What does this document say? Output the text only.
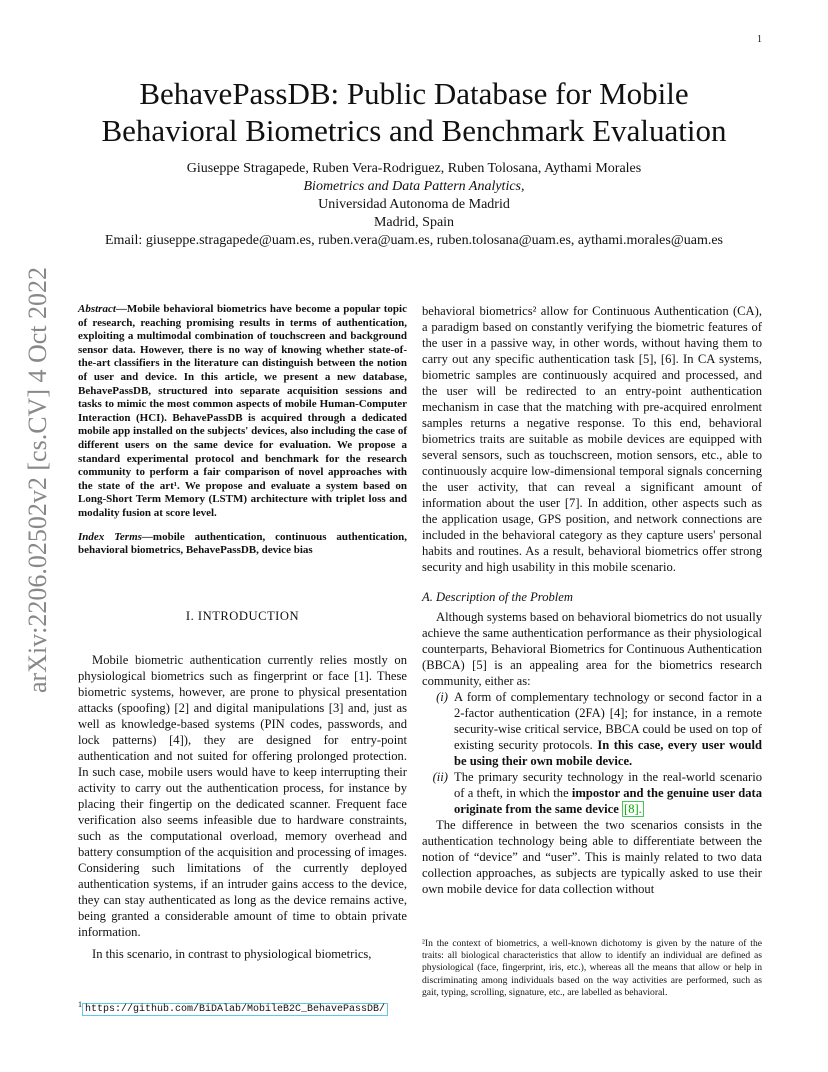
1
arXiv:2206.02502v2 [cs.CV] 4 Oct 2022
BehavePassDB: Public Database for Mobile
Behavioral Biometrics and Benchmark Evaluation
Giuseppe Stragapede, Ruben Vera-Rodriguez, Ruben Tolosana, Aythami Morales
Biometrics and Data Pattern Analytics,
Universidad Autonoma de Madrid
Madrid, Spain
Email: giuseppe.stragapede@uam.es, ruben.vera@uam.es, ruben.tolosana@uam.es, aythami.morales@uam.es
Abstract—Mobile behavioral biometrics have become a popular topic of research, reaching promising results in terms of authentication, exploiting a multimodal combination of touchscreen and background sensor data. However, there is no way of knowing whether state-of-the-art classifiers in the literature can distinguish between the notion of user and device. In this article, we present a new database, BehavePassDB, structured into separate acquisition sessions and tasks to mimic the most common aspects of mobile Human-Computer Interaction (HCI). BehavePassDB is acquired through a dedicated mobile app installed on the subjects' devices, also including the case of different users on the same device for evaluation. We propose a standard experimental protocol and benchmark for the research community to perform a fair comparison of novel approaches with the state of the art¹. We propose and evaluate a system based on Long-Short Term Memory (LSTM) architecture with triplet loss and modality fusion at score level.
Index Terms—mobile authentication, continuous authentication, behavioral biometrics, BehavePassDB, device bias
I. INTRODUCTION

Mobile biometric authentication currently relies mostly on physiological biometrics such as fingerprint or face [1]. These biometric systems, however, are prone to physical presentation attacks (spoofing) [2] and digital manipulations [3] and, just as well as knowledge-based systems (PIN codes, passwords, and lock patterns) [4]), they are designed for entry-point authentication and not suited for offering prolonged protection. In such case, mobile users would have to keep interrupting their activity to carry out the authentication process, for instance by placing their fingertip on the dedicated scanner. Frequent face verification also seems infeasible due to hardware constraints, such as the computational overload, memory overhead and battery consumption of the acquisition and processing of images. Considering such limitations of the currently deployed authentication systems, if an intruder gains access to the device, they can stay authenticated as long as the device remains active, being granted a considerable amount of time to obtain private information.

In this scenario, in contrast to physiological biometrics,

behavioral biometrics² allow for Continuous Authentication (CA), a paradigm based on constantly verifying the biometric features of the user in a passive way, in other words, without having them to carry out any specific authentication task [5], [6]. In CA systems, biometric samples are continuously acquired and processed, and the user will be redirected to an entry-point authentication mechanism in case that the matching with pre-acquired enrolment samples returns a negative response. To this end, behavioral biometrics traits are suitable as mobile devices are equipped with several sensors, such as touchscreen, motion sensors, etc., able to continuously acquire low-dimensional temporal signals concerning the user activity, that can reveal a significant amount of information about the user [7]. In addition, other aspects such as the application usage, GPS position, and network connections are included in the behavioral category as they capture users' personal habits and routines. As a result, behavioral biometrics offer strong security and high usability in this mobile scenario.

A. Description of the Problem

Although systems based on behavioral biometrics do not usually achieve the same authentication performance as their physiological counterparts, Behavioral Biometrics for Continuous Authentication (BBCA) [5] is an appealing area for the biometrics research community, either as:

(i) A form of complementary technology or second factor in a 2-factor authentication (2FA) [4]; for instance, in a remote security-wise critical service, BBCA could be used on top of existing security protocols. In this case, every user would be using their own mobile device.
(ii) The primary security technology in the real-world scenario of a theft, in which the impostor and the genuine user data originate from the same device [8].

The difference in between the two scenarios consists in the authentication technology being able to differentiate between the notion of “device” and “user”. This is mainly related to two data collection approaches, as subjects are typically asked to use their own mobile device for data collection without

²In the context of biometrics, a well-known dichotomy is given by the nature of the traits: all biological characteristics that allow to identify an individual are defined as physiological (face, fingerprint, iris, etc.), whereas all the means that allow or help in discriminating among individuals based on the way activities are performed, such as gait, typing, scrolling, signature, etc., are labelled as behavioral.
$^1$ https://github.com/BiDAlab/MobileB2C_BehavePassDB/
